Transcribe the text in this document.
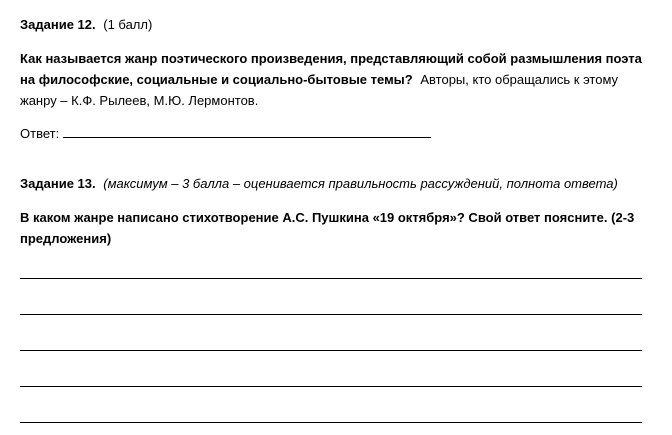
Задание 12. (1 балл)
Как называется жанр поэтического произведения, представляющий собой размышления поэта на философские, социальные и социально-бытовые темы? Авторы, кто обращались к этому жанру – К.Ф. Рылеев, М.Ю. Лермонтов.
Ответ:
Задание 13. (максимум – 3 балла – оценивается правильность рассуждений, полнота ответа)
В каком жанре написано стихотворение А.С. Пушкина «19 октября»? Свой ответ поясните. (2-3 предложения)
